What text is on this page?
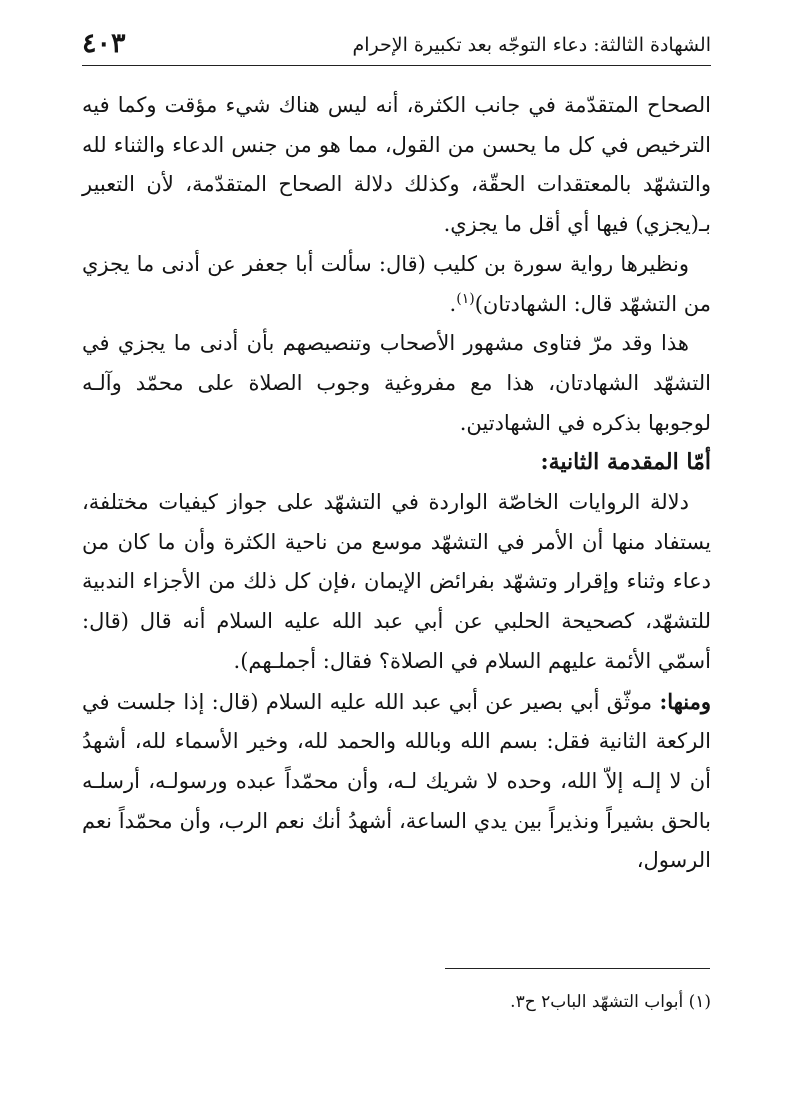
الشهادة الثالثة: دعاء التوجّه بعد تكبيرة الإحرام
٤٠٣

الصحاح المتقدّمة في جانب الكثرة، أنه ليس هناك شيء مؤقت وكما فيه الترخيص في كل ما يحسن من القول، مما هو من جنس الدعاء والثناء لله والتشهّد بالمعتقدات الحقّة، وكذلك دلالة الصحاح المتقدّمة، لأن التعبير بـ(يجزي) فيها أي أقل ما يجزي.

ونظيرها رواية سورة بن كليب (قال: سألت أبا جعفر عن أدنى ما يجزي من التشهّد قال: الشهادتان)$^{(١)}$.

هذا وقد مرّ فتاوى مشهور الأصحاب وتنصيصهم بأن أدنى ما يجزي في التشهّد الشهادتان، هذا مع مفروغية وجوب الصلاة على محمّد وآلـه لوجوبها بذكره في الشهادتين.

أمّا المقدمة الثانية:

دلالة الروايات الخاصّة الواردة في التشهّد على جواز كيفيات مختلفة، يستفاد منها أن الأمر في التشهّد موسع من ناحية الكثرة وأن ما كان من دعاء وثناء وإقرار وتشهّد بفرائض الإيمان ،فإن كل ذلك من الأجزاء الندبية للتشهّد، كصحيحة الحلبي عن أبي عبد الله عليه السلام أنه قال (قال: أسمّي الأئمة عليهم السلام في الصلاة؟ فقال: أجملـهم).

ومنها: موثّق أبي بصير عن أبي عبد الله عليه السلام (قال: إذا جلست في الركعة الثانية فقل: بسم الله وبالله والحمد لله، وخير الأسماء لله، أشهدُ أن لا إلـه إلاّ الله، وحده لا شريك لـه، وأن محمّداً عبده ورسولـه، أرسلـه بالحق بشيراً ونذيراً بين يدي الساعة، أشهدُ أنك نعم الرب، وأن محمّداً نعم الرسول،

(١) أبواب التشهّد الباب٢ ح٣.
